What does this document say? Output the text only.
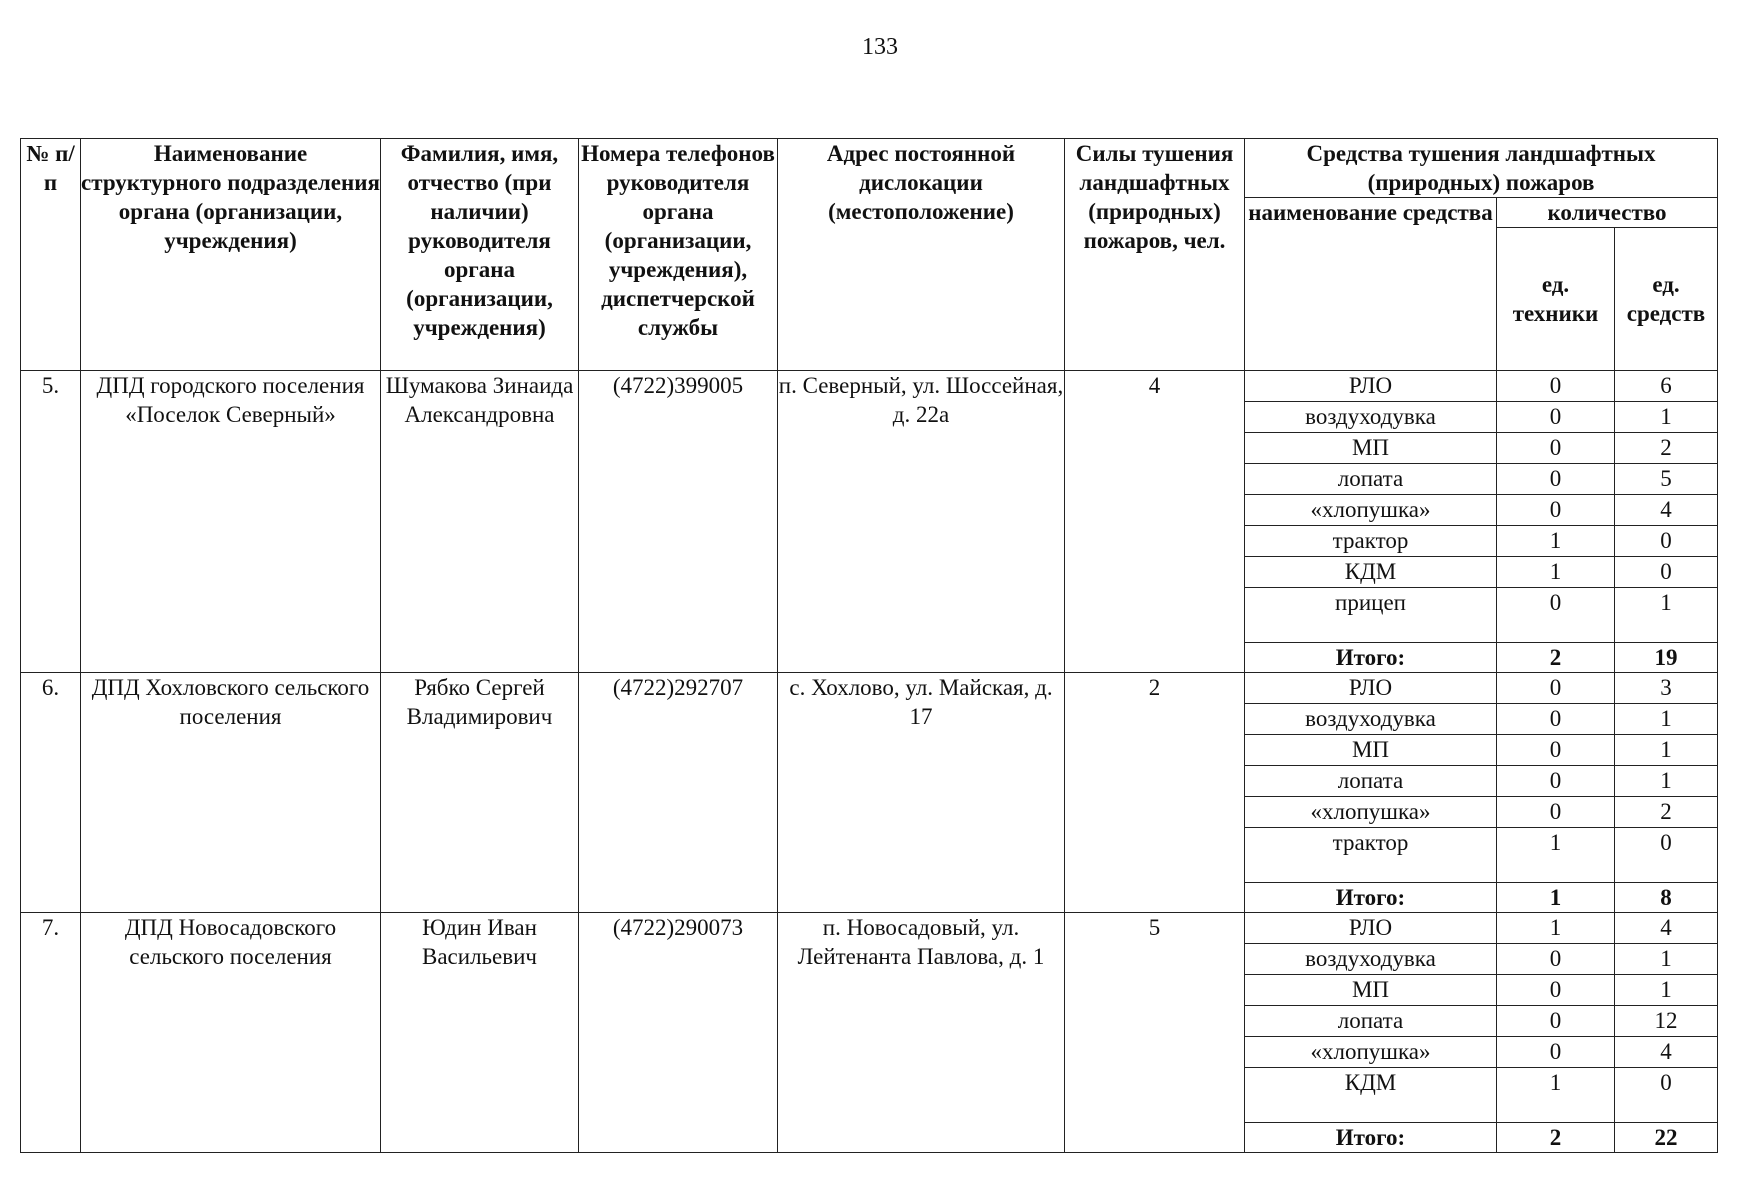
133
№ п/п	Наименование структурного подразделения органа (организации, учреждения)	Фамилия, имя, отчество (при наличии) руководителя органа (организации, учреждения)	Номера телефонов руководителя органа (организации, учреждения), диспетчерской службы	Адрес постоянной дислокации (местоположение)	Силы тушения ландшафтных (природных) пожаров, чел.	Средства тушения ландшафтных (природных) пожаров		
						наименование средства	количество	
							ед. техники	ед. средств
5.	ДПД городского поселения «Поселок Северный»	Шумакова Зинаида Александровна	(4722)399005	п. Северный, ул. Шоссейная, д. 22а	4	РЛО	0	6
						воздуходувка	0	1
						МП	0	2
						лопата	0	5
						«хлопушка»	0	4
						трактор	1	0
						КДМ	1	0
						прицеп	0	1
						Итого:	2	19
6.	ДПД Хохловского сельского поселения	Рябко Сергей Владимирович	(4722)292707	с. Хохлово, ул. Майская, д. 17	2	РЛО	0	3
						воздуходувка	0	1
						МП	0	1
						лопата	0	1
						«хлопушка»	0	2
						трактор	1	0
						Итого:	1	8
7.	ДПД Новосадовского сельского поселения	Юдин Иван Васильевич	(4722)290073	п. Новосадовый, ул. Лейтенанта Павлова, д. 1	5	РЛО	1	4
						воздуходувка	0	1
						МП	0	1
						лопата	0	12
						«хлопушка»	0	4
						КДМ	1	0
						Итого:	2	22
